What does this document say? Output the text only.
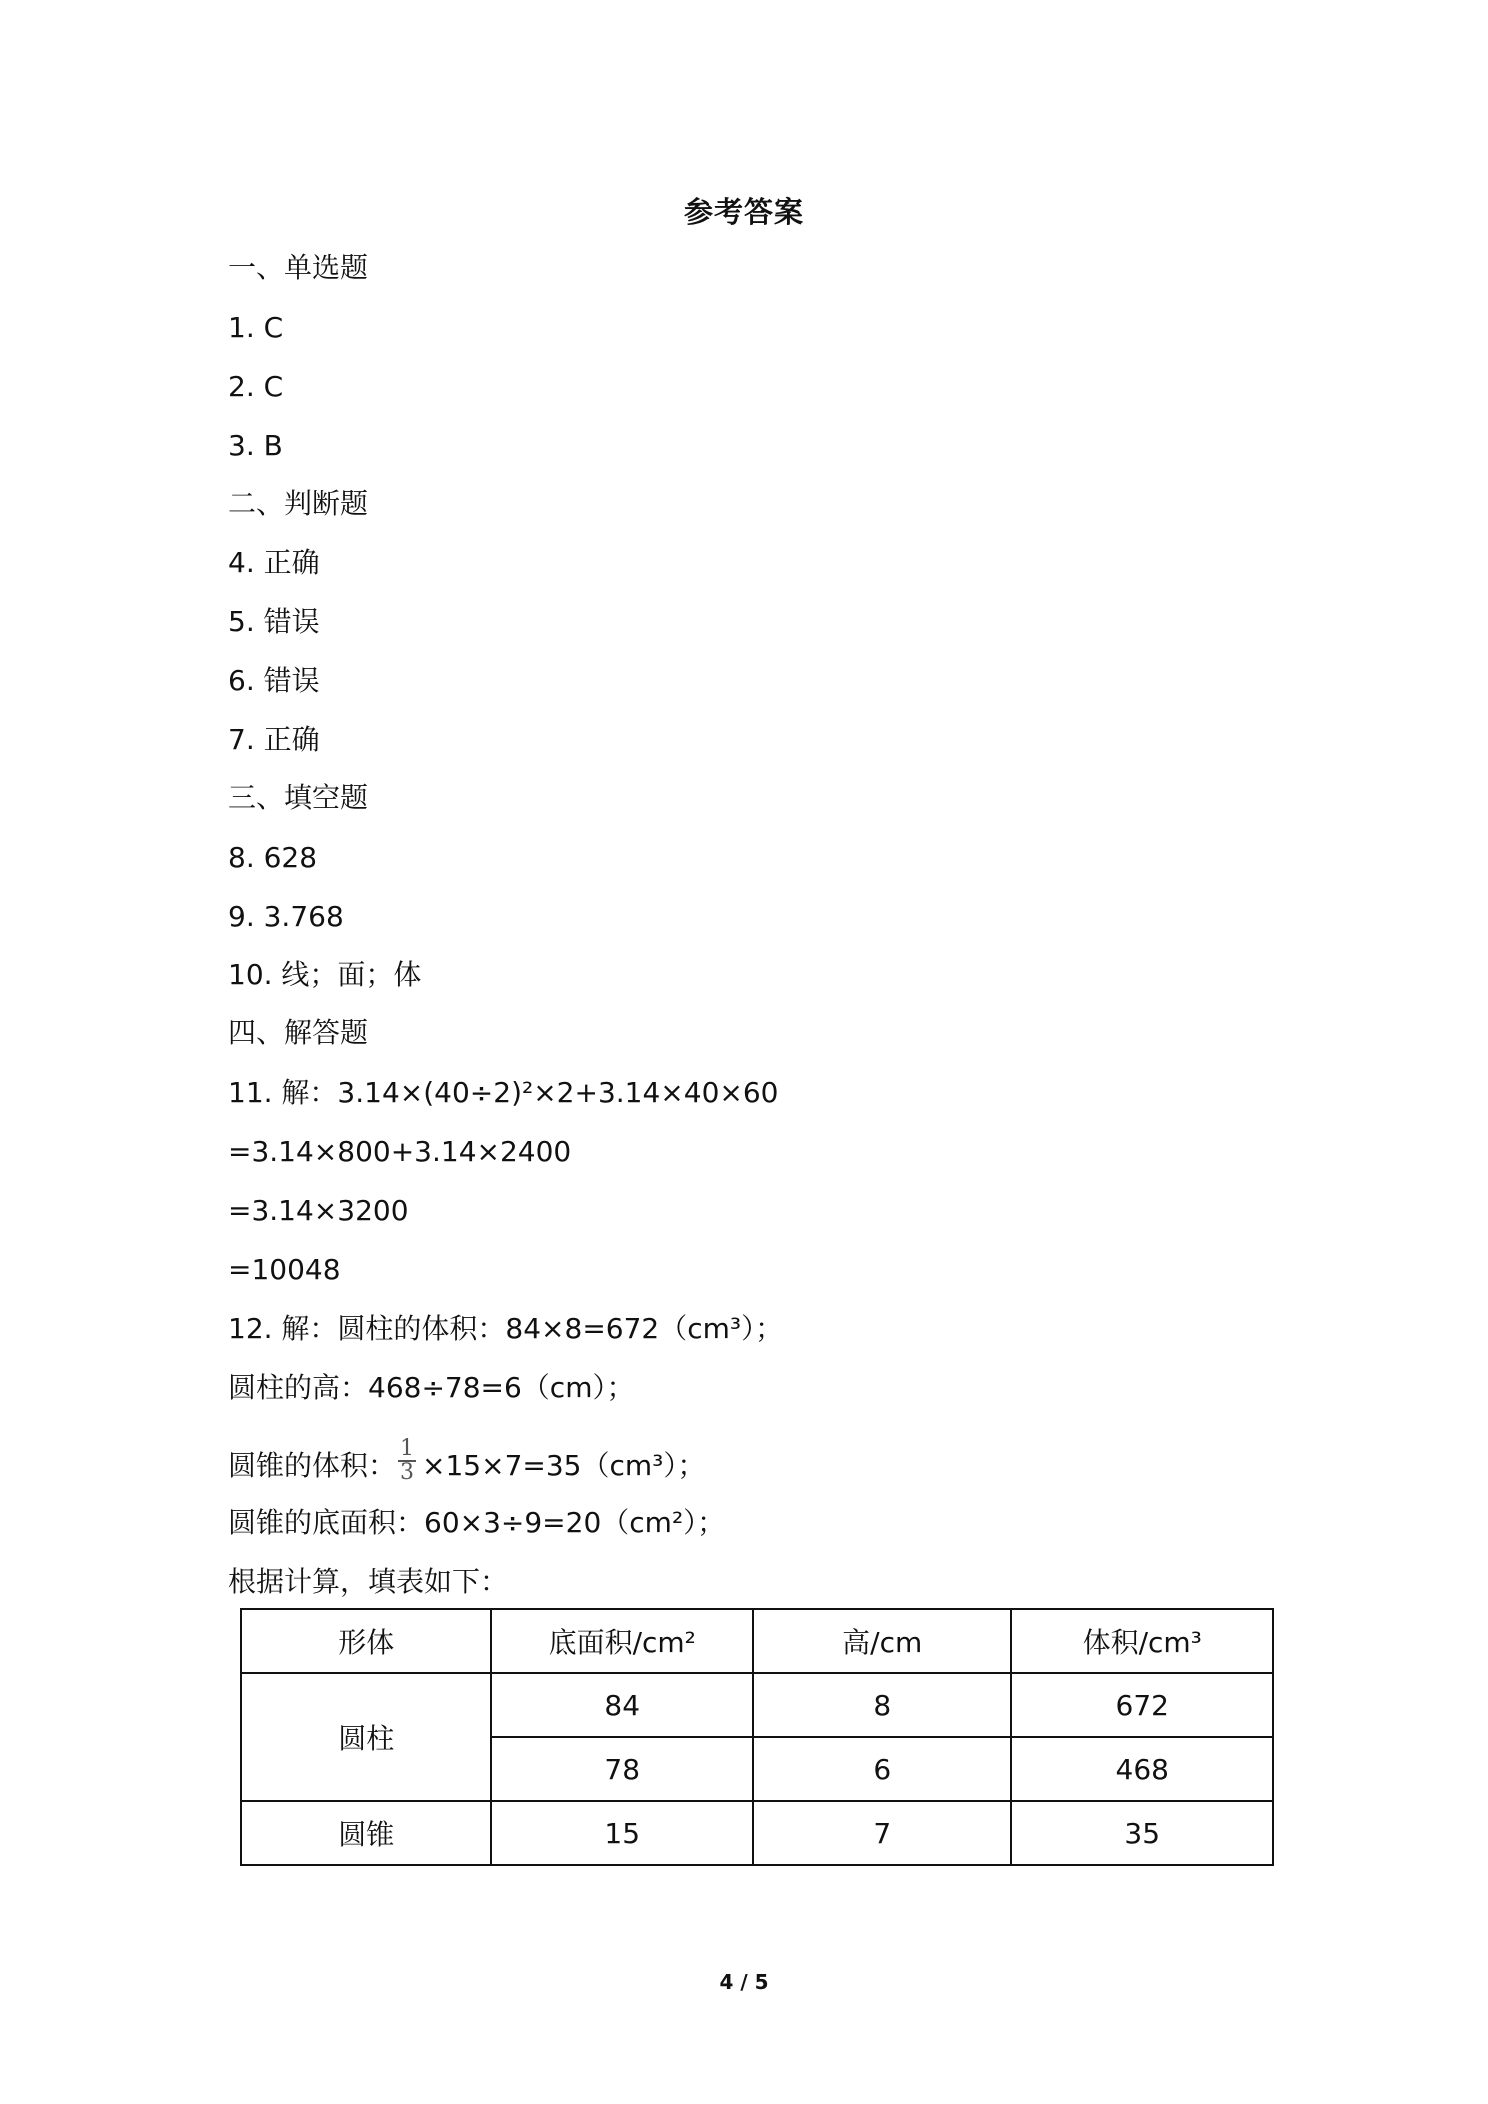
参考答案
一、单选题
1. C
2. C
3. B
二、判断题
4. 正确
5. 错误
6. 错误
7. 正确
三、填空题
8. 628
9. 3.768
10. 线；面；体
四、解答题
11. 解：3.14×(40÷2)²×2+3.14×40×60
=3.14×800+3.14×2400
=3.14×3200
=10048
12. 解：圆柱的体积：84×8=672（cm³）；
圆柱的高：468÷78=6（cm）；
圆锥的体积： $\frac{1}{3} \times 15\times 7=35(cm^3)$；
圆锥的底面积：60×3÷9=20（cm²）；
根据计算，填表如下：
形体	底面积/cm²	高/cm	体积/cm³
圆柱	84	8	672
	78	6	468
圆锥	15	7	35
4 / 5
